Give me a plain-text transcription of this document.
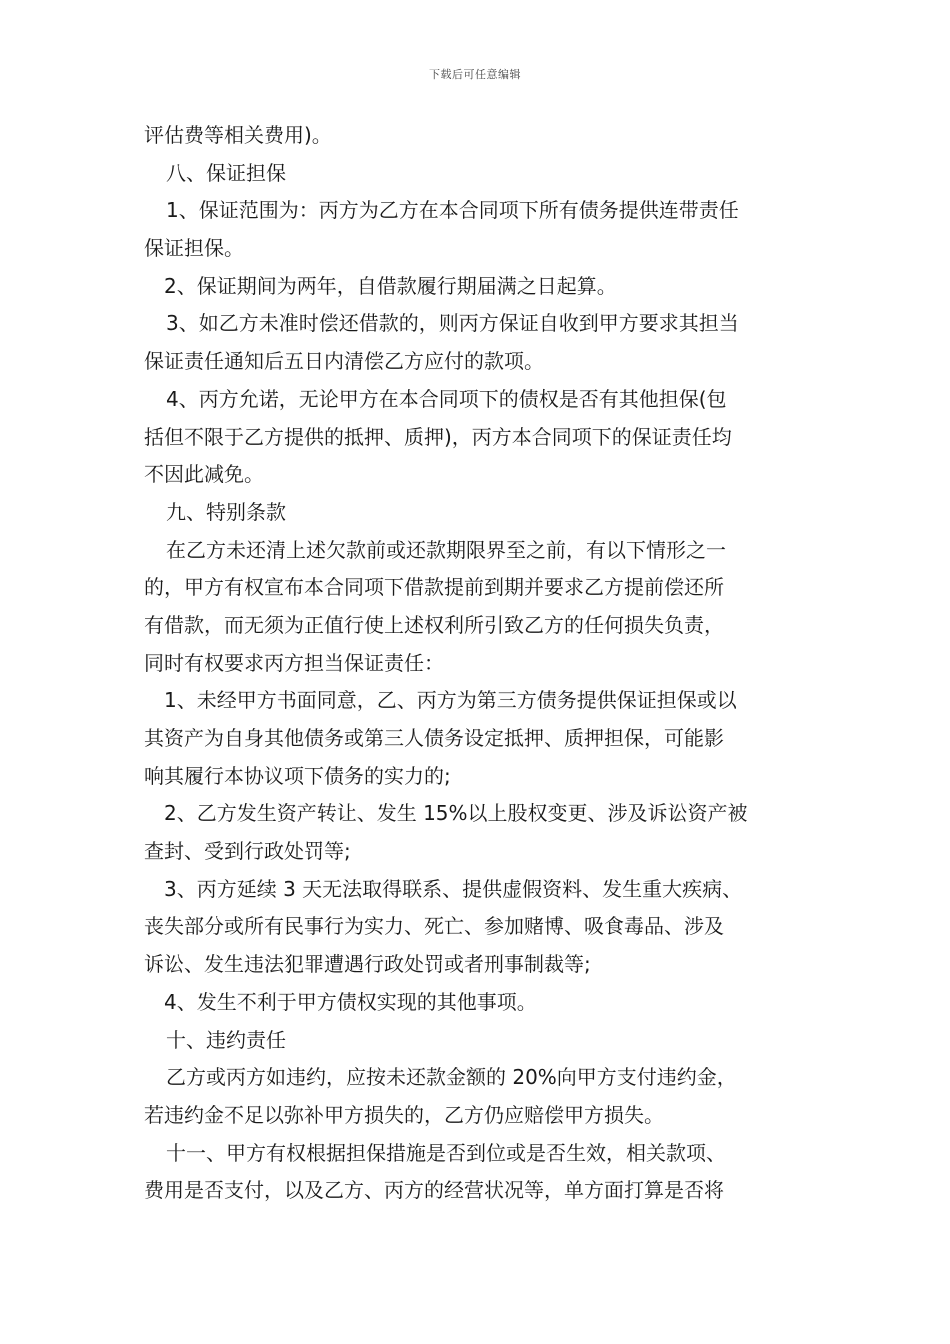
下载后可任意编辑
评估费等相关费用)。
八、保证担保
1、保证范围为：丙方为乙方在本合同项下所有债务提供连带责任
保证担保。
2、保证期间为两年，自借款履行期届满之日起算。
3、如乙方未准时偿还借款的，则丙方保证自收到甲方要求其担当
保证责任通知后五日内清偿乙方应付的款项。
4、丙方允诺，无论甲方在本合同项下的债权是否有其他担保(包
括但不限于乙方提供的抵押、质押)，丙方本合同项下的保证责任均
不因此减免。
九、特别条款
在乙方未还清上述欠款前或还款期限界至之前，有以下情形之一
的，甲方有权宣布本合同项下借款提前到期并要求乙方提前偿还所
有借款，而无须为正值行使上述权利所引致乙方的任何损失负责，
同时有权要求丙方担当保证责任：
1、未经甲方书面同意，乙、丙方为第三方债务提供保证担保或以
其资产为自身其他债务或第三人债务设定抵押、质押担保，可能影
响其履行本协议项下债务的实力的;
2、乙方发生资产转让、发生 15%以上股权变更、涉及诉讼资产被
查封、受到行政处罚等;
3、丙方延续 3 天无法取得联系、提供虚假资料、发生重大疾病、
丧失部分或所有民事行为实力、死亡、参加赌博、吸食毒品、涉及
诉讼、发生违法犯罪遭遇行政处罚或者刑事制裁等;
4、发生不利于甲方债权实现的其他事项。
十、违约责任
乙方或丙方如违约，应按未还款金额的 20%向甲方支付违约金，
若违约金不足以弥补甲方损失的，乙方仍应赔偿甲方损失。
十一、甲方有权根据担保措施是否到位或是否生效，相关款项、
费用是否支付，以及乙方、丙方的经营状况等，单方面打算是否将
